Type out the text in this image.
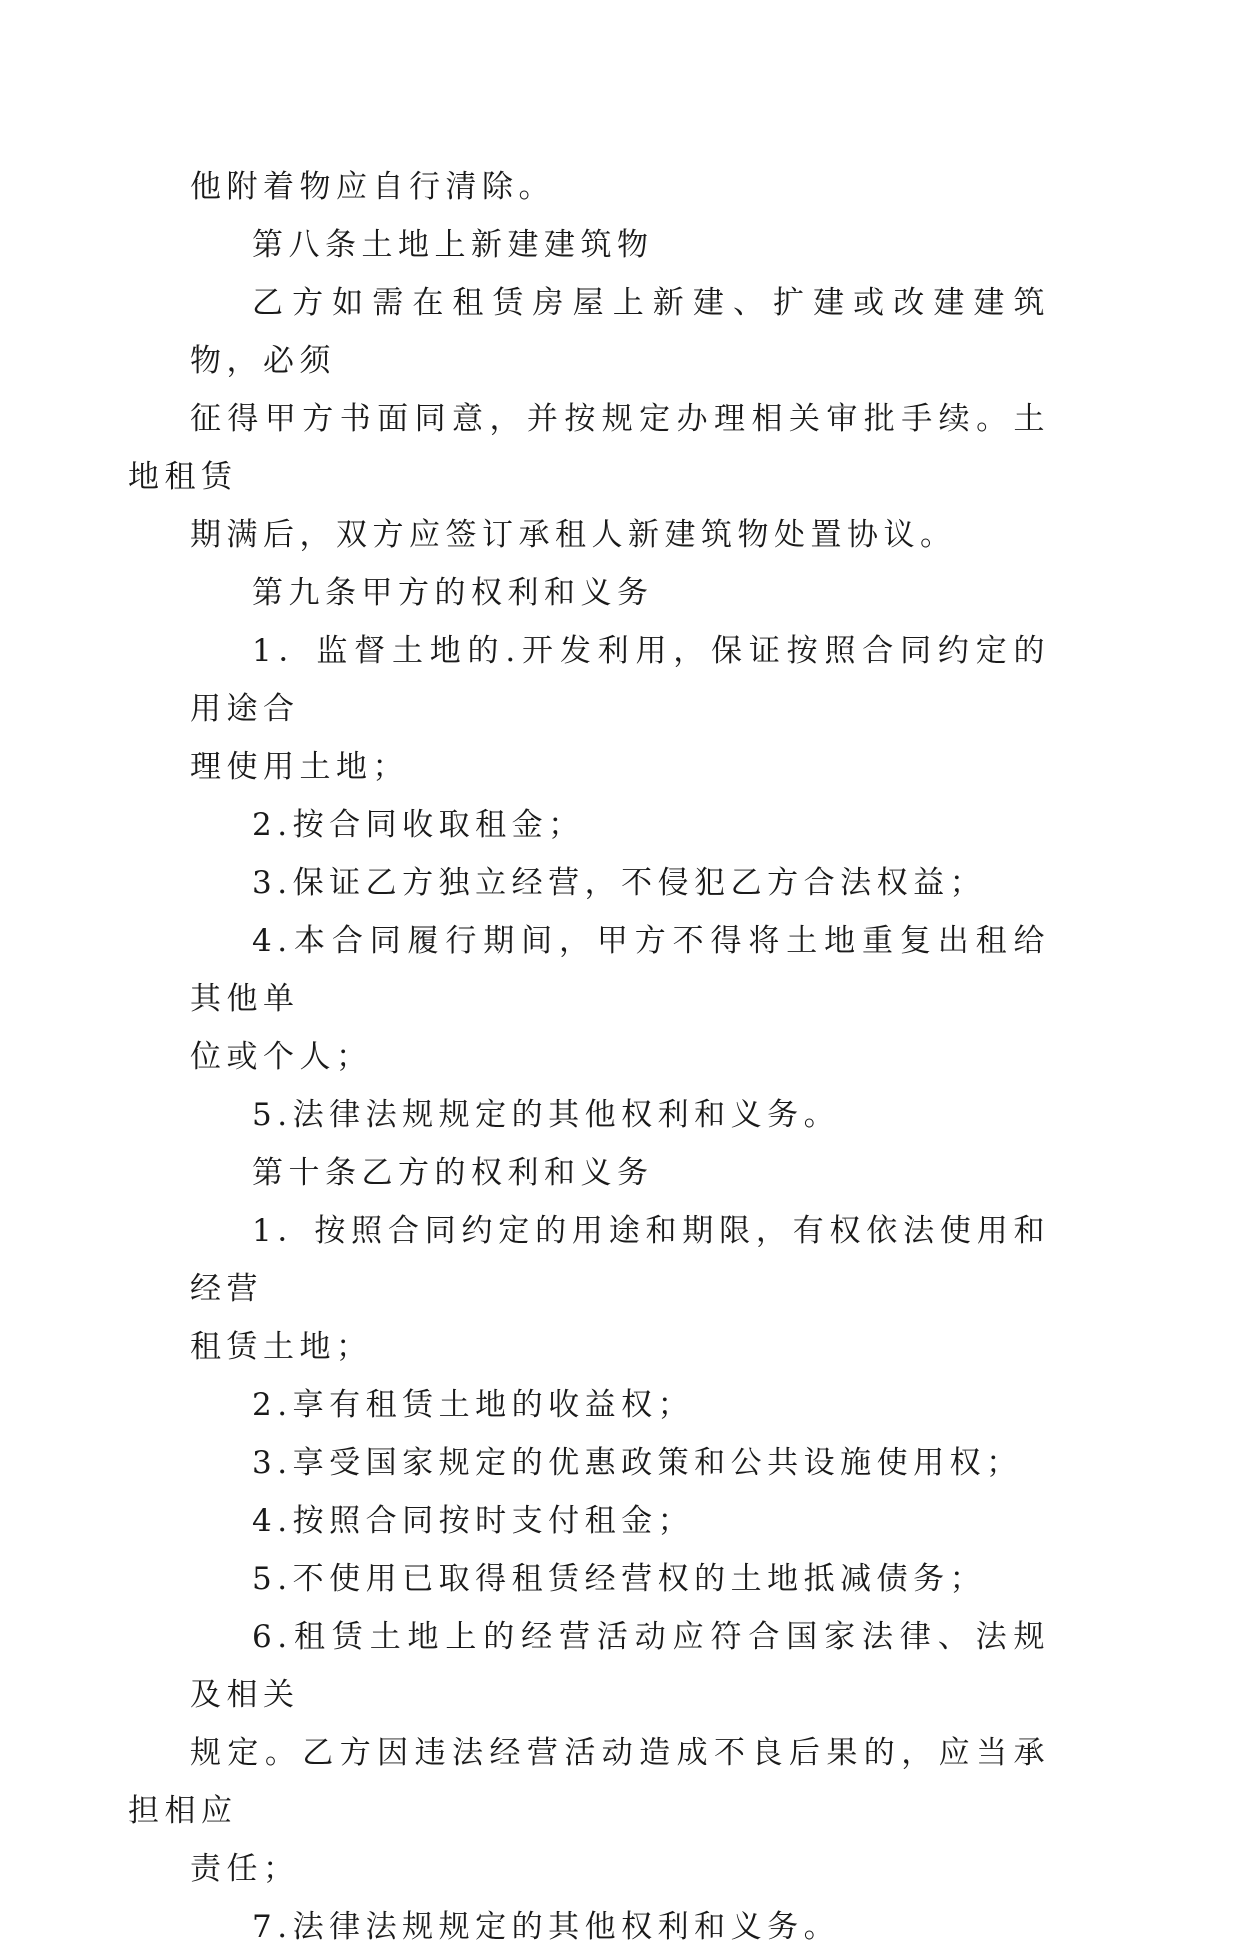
他附着物应自行清除。

第八条土地上新建建筑物

乙方如需在租赁房屋上新建、扩建或改建建筑物，必须
征得甲方书面同意，并按规定办理相关审批手续。土地租赁
期满后，双方应签订承租人新建筑物处置协议。

第九条甲方的权利和义务

1．监督土地的.开发利用，保证按照合同约定的用途合
理使用土地；

2.按合同收取租金；

3.保证乙方独立经营，不侵犯乙方合法权益；

4.本合同履行期间，甲方不得将土地重复出租给其他单
位或个人；

5.法律法规规定的其他权利和义务。

第十条乙方的权利和义务

1．按照合同约定的用途和期限，有权依法使用和经营
租赁土地；

2.享有租赁土地的收益权；

3.享受国家规定的优惠政策和公共设施使用权；

4.按照合同按时支付租金；

5.不使用已取得租赁经营权的土地抵减债务；

6.租赁土地上的经营活动应符合国家法律、法规及相关
规定。乙方因违法经营活动造成不良后果的，应当承担相应
责任；

7.法律法规规定的其他权利和义务。
